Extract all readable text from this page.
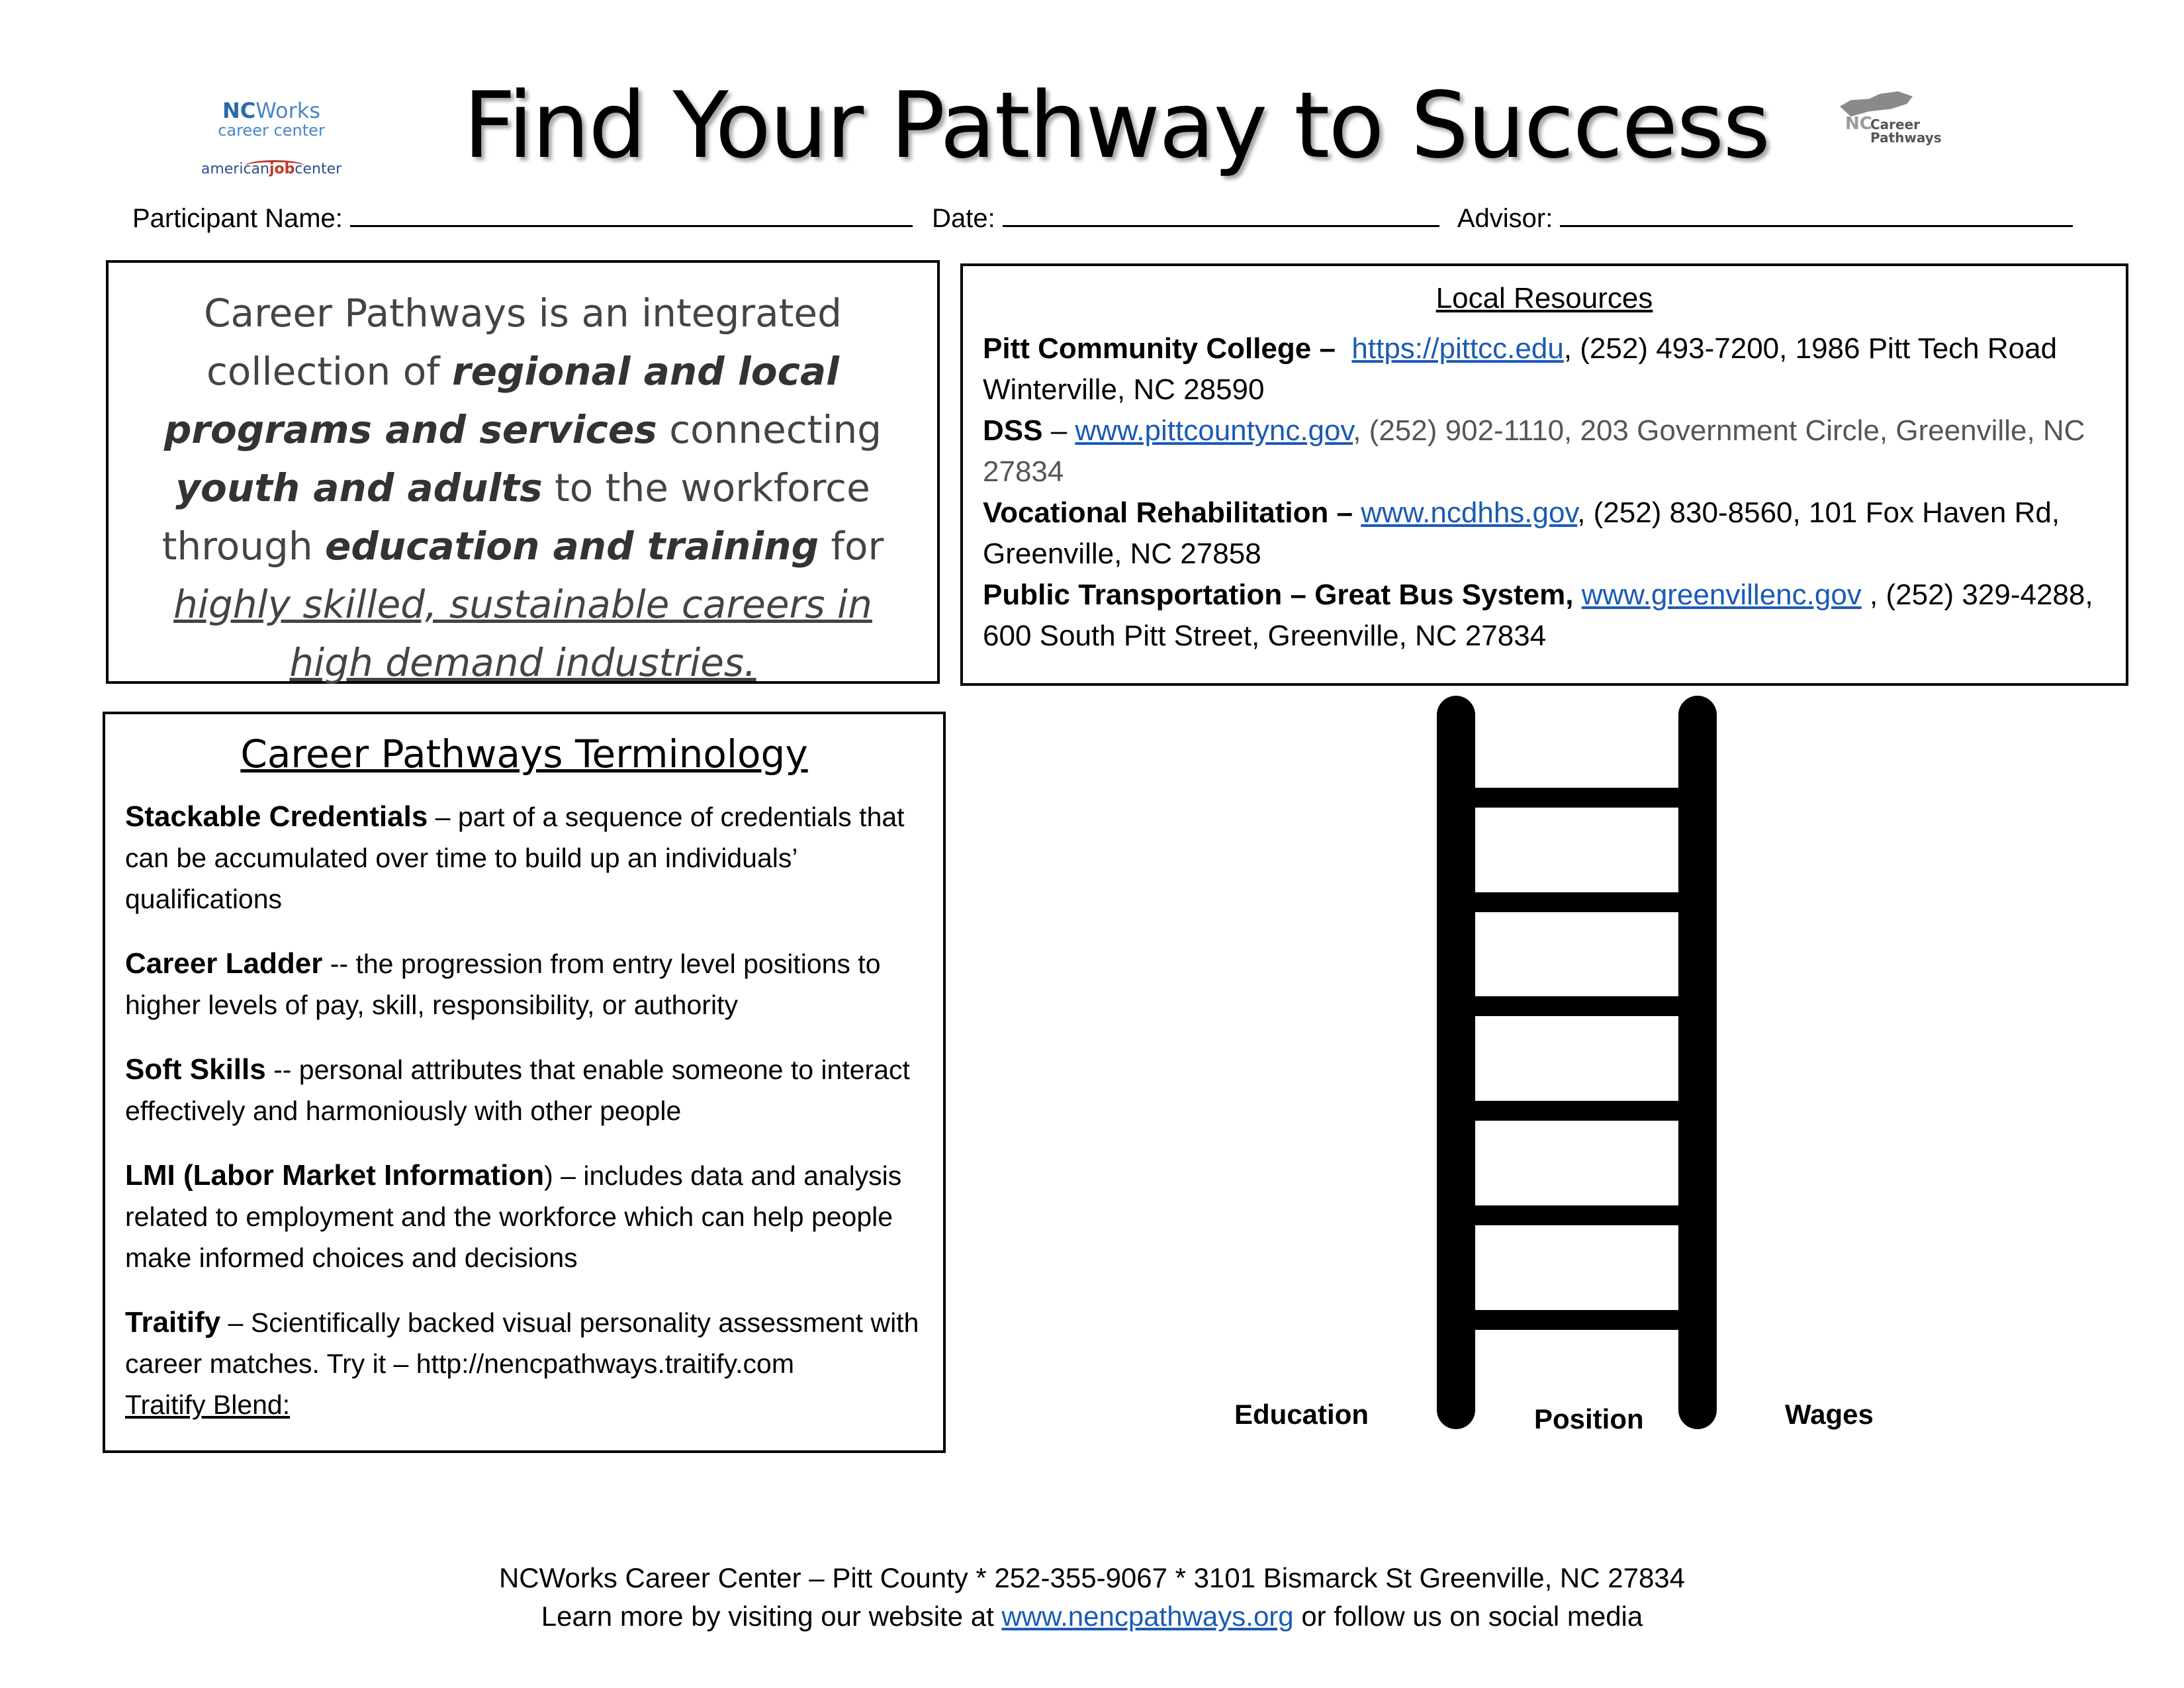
NCWorks
career center
americanjobcenter Find Your Pathway to Success	NC
Career
Pathways
Participant Name:	Date:	Advisor:
Career Pathways is an integrated collection of regional and local programs and services connecting youth and adults to the workforce through education and training for highly skilled, sustainable careers in high demand industries.
Local Resources
Pitt Community College – https://pittcc.edu, (252) 493-7200, 1986 Pitt Tech Road Winterville, NC 28590
DSS – www.pittcountync.gov, (252) 902-1110, 203 Government Circle, Greenville, NC 27834
Vocational Rehabilitation – www.ncdhhs.gov, (252) 830-8560, 101 Fox Haven Rd, Greenville, NC 27858
Public Transportation – Great Bus System, www.greenvillenc.gov , (252) 329-4288, 600 South Pitt Street, Greenville, NC 27834
Career Pathways Terminology
Stackable Credentials – part of a sequence of credentials that can be accumulated over time to build up an individuals’ qualifications
Career Ladder -- the progression from entry level positions to higher levels of pay, skill, responsibility, or authority
Soft Skills -- personal attributes that enable someone to interact effectively and harmoniously with other people
LMI (Labor Market Information) – includes data and analysis related to employment and the workforce which can help people make informed choices and decisions
Traitify – Scientifically backed visual personality assessment with career matches. Try it – http://nencpathways.traitify.com
Traitify Blend:	Education	Position	Wages
NCWorks Career Center – Pitt County * 252-355-9067 * 3101 Bismarck St Greenville, NC 27834
Learn more by visiting our website at www.nencpathways.org or follow us on social media
